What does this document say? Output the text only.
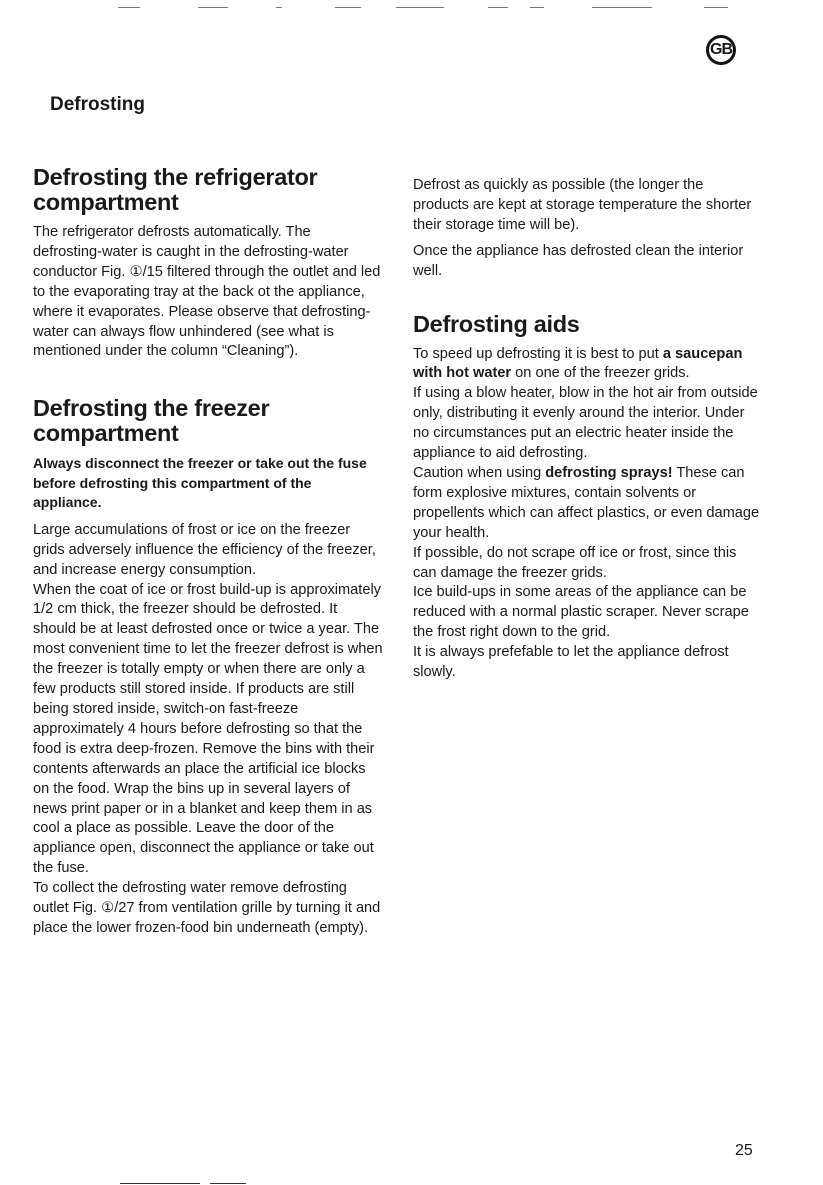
GB
Defrosting
Defrosting the refrigerator compartment

The refrigerator defrosts automatically. The defrosting-water is caught in the defrosting-water conductor Fig. ①/15 filtered through the outlet and led to the evaporating tray at the back ot the appliance, where it evaporates. Please observe that defrosting-water can always flow unhindered (see what is mentioned under the column “Cleaning”).

Defrosting the freezer compartment

Always disconnect the freezer or take out the fuse before defrosting this compartment of the appliance.

Large accumulations of frost or ice on the freezer grids adversely influence the efficiency of the freezer, and increase energy consumption.

When the coat of ice or frost build-up is approximately 1/2 cm thick, the freezer should be defrosted. It should be at least defrosted once or twice a year. The most convenient time to let the freezer defrost is when the freezer is totally empty or when there are only a few products still stored inside. If products are still being stored inside, switch-on fast-freeze approximately 4 hours before defrosting so that the food is extra deep-frozen. Remove the bins with their contents afterwards an place the artificial ice blocks on the food. Wrap the bins up in several layers of news print paper or in a blanket and keep them in as cool a place as possible. Leave the door of the appliance open, disconnect the appliance or take out the fuse.

To collect the defrosting water remove defrosting outlet Fig. ①/27 from ventilation grille by turning it and place the lower frozen-food bin underneath (empty).

Defrost as quickly as possible (the longer the products are kept at storage temperature the shorter their storage time will be).

Once the appliance has defrosted clean the interior well.

Defrosting aids

To speed up defrosting it is best to put a saucepan with hot water on one of the freezer grids.

If using a blow heater, blow in the hot air from outside only, distributing it evenly around the interior. Under no circumstances put an electric heater inside the appliance to aid defrosting.

Caution when using defrosting sprays! These can form explosive mixtures, contain solvents or propellents which can affect plastics, or even damage your health.

If possible, do not scrape off ice or frost, since this can damage the freezer grids.

Ice build-ups in some areas of the appliance can be reduced with a normal plastic scraper. Never scrape the frost right down to the grid.

It is always prefefable to let the appliance defrost slowly.

25
